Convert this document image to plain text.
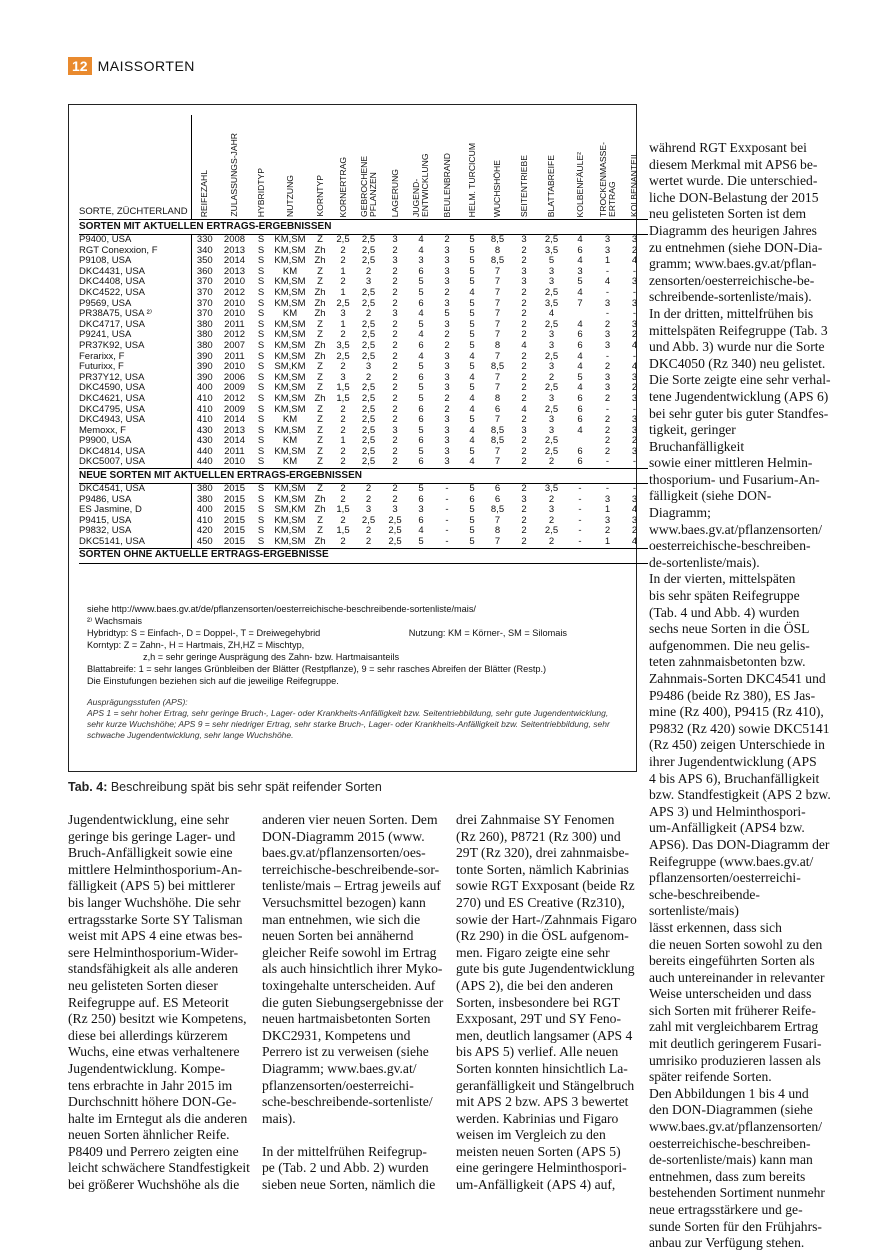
12 MAISSORTEN
SORTE, ZÜCHTERLAND	REIFEZAHL	ZULASSUNGS-JAHR	HYBRIDTYP	NUTZUNG	KORNTYP	KORNERTRAG	GEBROCHENE PFLANZEN	LAGERUNG	JUGEND-ENTWICKLUNG	BEULENBRAND	HELM. TURCICUM	WUCHSHÖHE	SEITENTRIEBE	BLATTABREIFE	KOLBENFÄULE²	TROCKENMASSE-ERTRAG	KOLBENANTEIL

SORTEN MIT AKTUELLEN ERTRAGS-ERGEBNISSEN																	
P9400, USA	330	2008	S	KM,SM	Z	2,5	2,5	3	4	2	5	8,5	3	2,5	4	3	3
RGT Conexxion, F	340	2013	S	KM,SM	Zh	2	2,5	2	4	3	5	8	2	3,5	6	3	2
P9108, USA	350	2014	S	KM,SM	Zh	2	2,5	3	3	3	5	8,5	2	5	4	1	4
DKC4431, USA	360	2013	S	KM	Z	1	2	2	6	3	5	7	3	3	3	-	-
DKC4408, USA	370	2010	S	KM,SM	Z	2	3	2	5	3	5	7	3	3	5	4	3
DKC4522, USA	370	2012	S	KM,SM	Zh	1	2,5	2	5	2	4	7	2	2,5	4	-	-
P9569, USA	370	2010	S	KM,SM	Zh	2,5	2,5	2	6	3	5	7	2	3,5	7	3	3
PR38A75, USA ²⁾	370	2010	S	KM	Zh	3	2	3	4	5	5	7	2	4		-	-
DKC4717, USA	380	2011	S	KM,SM	Z	1	2,5	2	5	3	5	7	2	2,5	4	2	3
P9241, USA	380	2012	S	KM,SM	Z	2	2,5	2	4	2	5	7	2	3	6	3	2
PR37K92, USA	380	2007	S	KM,SM	Zh	3,5	2,5	2	6	2	5	8	4	3	6	3	4
Ferarixx, F	390	2011	S	KM,SM	Zh	2,5	2,5	2	4	3	4	7	2	2,5	4	-	-
Futurixx, F	390	2010	S	SM,KM	Z	2	3	2	5	3	5	8,5	2	3	4	2	4
PR37Y12, USA	390	2006	S	KM,SM	Z	3	2	2	6	3	4	7	2	2	5	3	3
DKC4590, USA	400	2009	S	KM,SM	Z	1,5	2,5	2	5	3	5	7	2	2,5	4	3	2
DKC4621, USA	410	2012	S	KM,SM	Zh	1,5	2,5	2	5	2	4	8	2	3	6	2	3
DKC4795, USA	410	2009	S	KM,SM	Z	2	2,5	2	6	2	4	6	4	2,5	6	-	-
DKC4943, USA	410	2014	S	KM	Z	2	2,5	2	6	3	5	7	2	3	6	2	3
Memoxx, F	430	2013	S	KM,SM	Z	2	2,5	3	5	3	4	8,5	3	3	4	2	3
P9900, USA	430	2014	S	KM	Z	1	2,5	2	6	3	4	8,5	2	2,5		2	2
DKC4814, USA	440	2011	S	KM,SM	Z	2	2,5	2	5	3	5	7	2	2,5	6	2	3
DKC5007, USA	440	2010	S	KM	Z	2	2,5	2	6	3	4	7	2	2	6	-	-
NEUE SORTEN MIT AKTUELLEN ERTRAGS-ERGEBNISSEN																	
DKC4541, USA	380	2015	S	KM,SM	Z	2	2	2	5	-	5	6	2	3,5	-	-	-
P9486, USA	380	2015	S	KM,SM	Zh	2	2	2	6	-	6	6	3	2	-	3	3
ES Jasmine, D	400	2015	S	SM,KM	Zh	1,5	3	3	3	-	5	8,5	2	3	-	1	4
P9415, USA	410	2015	S	KM,SM	Z	2	2,5	2,5	6	-	5	7	2	2	-	3	3
P9832, USA	420	2015	S	KM,SM	Z	1,5	2	2,5	4	-	5	8	2	2,5	-	2	2
DKC5141, USA	450	2015	S	KM,SM	Zh	2	2	2,5	5	-	5	7	2	2	-	1	4
SORTEN OHNE AKTUELLE ERTRAGS-ERGEBNISSE																	
siehe http://www.baes.gv.at/de/pflanzensorten/oesterreichische-beschreibende-sortenliste/mais/
²⁾ Wachsmais
Hybridtyp: S = Einfach-, D = Doppel-, T = Dreiwegehybrid	Nutzung: KM = Körner-, SM = Silomais
Korntyp: Z = Zahn-, H = Hartmais, ZH,HZ = Mischtyp,
z,h = sehr geringe Ausprägung des Zahn- bzw. Hartmaisanteils
Blattabreife: 1 = sehr langes Grünbleiben der Blätter (Restpflanze), 9 = sehr rasches Abreifen der Blätter (Restp.)
Die Einstufungen beziehen sich auf die jeweilige Reifegruppe.
Ausprägungsstufen (APS):
APS 1 = sehr hoher Ertrag, sehr geringe Bruch-, Lager- oder Krankheits-Anfälligkeit bzw. Seitentriebbildung, sehr gute Jugendentwicklung, sehr kurze Wuchshöhe; APS 9 = sehr niedriger Ertrag, sehr starke Bruch-, Lager- oder Krankheits-Anfälligkeit bzw. Seitentriebbildung, sehr schwache Jugendentwicklung, sehr lange Wuchshöhe.
Tab. 4: Beschreibung spät bis sehr spät reifender Sorten
Jugendentwicklung, eine sehr
geringe bis geringe Lager- und
Bruch-Anfälligkeit sowie eine
mittlere Helminthosporium-An-
fälligkeit (APS 5) bei mittlerer
bis langer Wuchshöhe. Die sehr
ertragsstarke Sorte SY Talisman
weist mit APS 4 eine etwas bes-
sere Helminthosporium-Wider-
standsfähigkeit als alle anderen
neu gelisteten Sorten dieser
Reifegruppe auf. ES Meteorit
(Rz 250) besitzt wie Kompetens,
diese bei allerdings kürzerem
Wuchs, eine etwas verhaltenere
Jugendentwicklung. Kompe-
tens erbrachte in Jahr 2015 im
Durchschnitt höhere DON-Ge-
halte im Erntegut als die anderen
neuen Sorten ähnlicher Reife.
P8409 und Perrero zeigten eine
leicht schwächere Standfestigkeit
bei größerer Wuchshöhe als die
anderen vier neuen Sorten. Dem
DON-Diagramm 2015 (www.
baes.gv.at/pflanzensorten/oes-
terreichische-beschreibende-sor-
tenliste/mais – Ertrag jeweils auf
Versuchsmittel bezogen) kann
man entnehmen, wie sich die
neuen Sorten bei annähernd
gleicher Reife sowohl im Ertrag
als auch hinsichtlich ihrer Myko-
toxingehalte unterscheiden. Auf
die guten Siebungsergebnisse der
neuen hartmaisbetonten Sorten
DKC2931, Kompetens und
Perrero ist zu verweisen (siehe
Diagramm; www.baes.gv.at/
pflanzensorten/oesterreichi-
sche-beschreibende-sortenliste/
mais).

In der mittelfrühen Reifegrup-
pe (Tab. 2 und Abb. 2) wurden
sieben neue Sorten, nämlich die
drei Zahnmaise SY Fenomen
(Rz 260), P8721 (Rz 300) und
29T (Rz 320), drei zahnmaisbe-
tonte Sorten, nämlich Kabrinias
sowie RGT Exxposant (beide Rz
270) und ES Creative (Rz310),
sowie der Hart-/Zahnmais Figaro
(Rz 290) in die ÖSL aufgenom-
men. Figaro zeigte eine sehr
gute bis gute Jugendentwicklung
(APS 2), die bei den anderen
Sorten, insbesondere bei RGT
Exxposant, 29T und SY Feno-
men, deutlich langsamer (APS 4
bis APS 5) verlief. Alle neuen
Sorten konnten hinsichtlich La-
geranfälligkeit und Stängelbruch
mit APS 2 bzw. APS 3 bewertet
werden. Kabrinias und Figaro
weisen im Vergleich zu den
meisten neuen Sorten (APS 5)
eine geringere Helminthospori-
um-Anfälligkeit (APS 4) auf,
während RGT Exxposant bei
diesem Merkmal mit APS6 be-
wertet wurde. Die unterschied-
liche DON-Belastung der 2015
neu gelisteten Sorten ist dem
Diagramm des heurigen Jahres
zu entnehmen (siehe DON-Dia-
gramm; www.baes.gv.at/pflan-
zensorten/oesterreichische-be-
schreibende-sortenliste/mais).
In der dritten, mittelfrühen bis
mittelspäten Reifegruppe (Tab. 3
und Abb. 3) wurde nur die Sorte
DKC4050 (Rz 340) neu gelistet.
Die Sorte zeigte eine sehr verhal-
tene Jugendentwicklung (APS 6)
bei sehr guter bis guter Standfes-
tigkeit, geringer Bruchanfälligkeit
sowie einer mittleren Helmin-
thosporium- und Fusarium-An-
fälligkeit (siehe DON-Diagramm;
www.baes.gv.at/pflanzensorten/
oesterreichische-beschreiben-
de-sortenliste/mais).
In der vierten, mittelspäten
bis sehr späten Reifegruppe
(Tab. 4 und Abb. 4) wurden
sechs neue Sorten in die ÖSL
aufgenommen. Die neu gelis-
teten zahnmaisbetonten bzw.
Zahnmais-Sorten DKC4541 und
P9486 (beide Rz 380), ES Jas-
mine (Rz 400), P9415 (Rz 410),
P9832 (Rz 420) sowie DKC5141
(Rz 450) zeigen Unterschiede in
ihrer Jugendentwicklung (APS
4 bis APS 6), Bruchanfälligkeit
bzw. Standfestigkeit (APS 2 bzw.
APS 3) und Helminthospori-
um-Anfälligkeit (APS4 bzw.
APS6). Das DON-Diagramm der
Reifegruppe (www.baes.gv.at/
pflanzensorten/oesterreichi-
sche-beschreibende-sortenliste/mais)
lässt erkennen, dass sich
die neuen Sorten sowohl zu den
bereits eingeführten Sorten als
auch untereinander in relevanter
Weise unterscheiden und dass
sich Sorten mit früherer Reife-
zahl mit vergleichbarem Ertrag
mit deutlich geringerem Fusari-
umrisiko produzieren lassen als
später reifende Sorten.
Den Abbildungen 1 bis 4 und
den DON-Diagrammen (siehe
www.baes.gv.at/pflanzensorten/
oesterreichische-beschreiben-
de-sortenliste/mais) kann man
entnehmen, dass zum bereits
bestehenden Sortiment nunmehr
neue ertragsstärkere und ge-
sunde Sorten für den Frühjahrs-
anbau zur Verfügung stehen.
